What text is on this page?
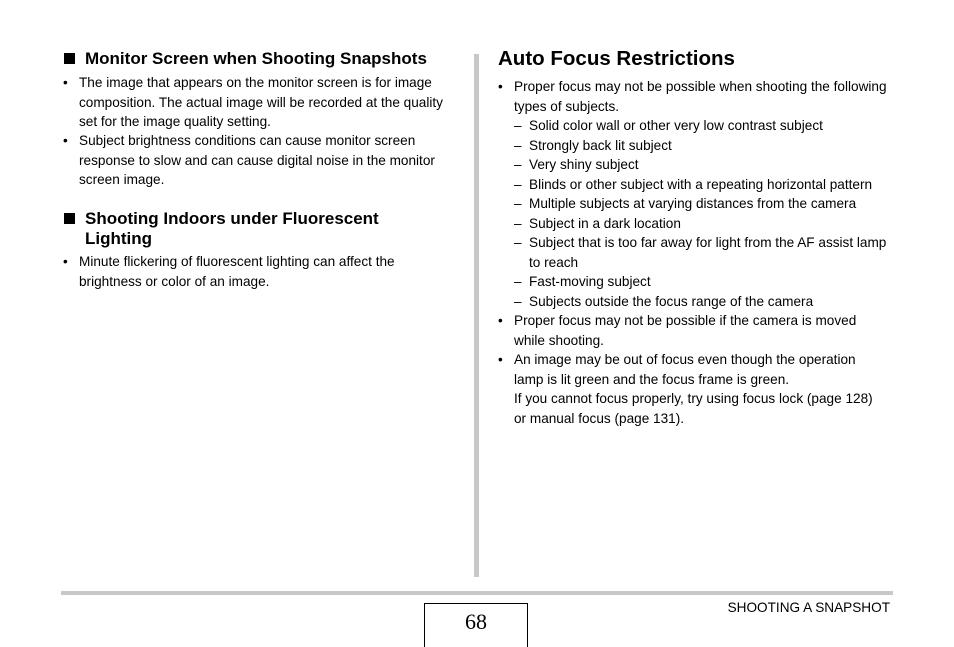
Monitor Screen when Shooting Snapshots
• The image that appears on the monitor screen is for image
composition. The actual image will be recorded at the quality
set for the image quality setting.
• Subject brightness conditions can cause monitor screen
response to slow and can cause digital noise in the monitor
screen image.
Shooting Indoors under Fluorescent
Lighting
• Minute flickering of fluorescent lighting can affect the
brightness or color of an image.
Auto Focus Restrictions
• Proper focus may not be possible when shooting the following
types of subjects.
– Solid color wall or other very low contrast subject
– Strongly back lit subject
– Very shiny subject
– Blinds or other subject with a repeating horizontal pattern
– Multiple subjects at varying distances from the camera
– Subject in a dark location
– Subject that is too far away for light from the AF assist lamp
to reach
– Fast-moving subject
– Subjects outside the focus range of the camera
• Proper focus may not be possible if the camera is moved
while shooting.
• An image may be out of focus even though the operation
lamp is lit green and the focus frame is green.
If you cannot focus properly, try using focus lock (page 128)
or manual focus (page 131).
68
SHOOTING A SNAPSHOT
